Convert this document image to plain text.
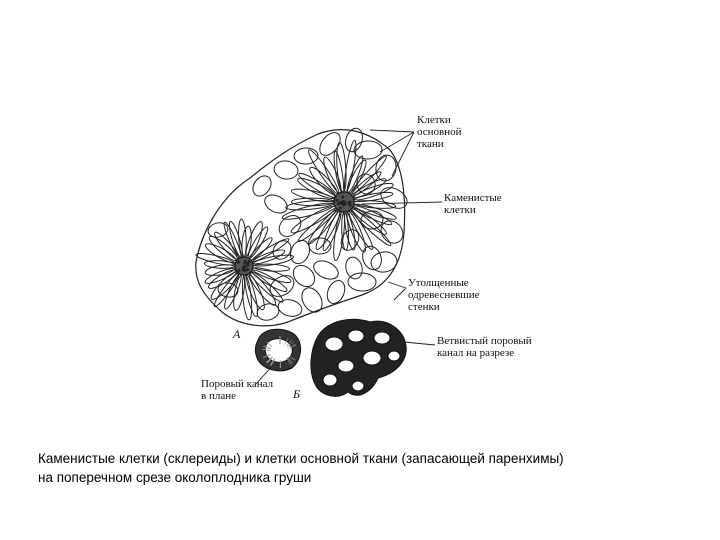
Клетки
основной
ткани
Каменистые
клетки
Утолщенные
одревесневшие
стенки
Ветвистый поровый
канал на разрезе
Поровый канал
в плане
А
Б
Каменистые клетки (склереиды) и клетки основной ткани (запасающей паренхимы)
на поперечном срезе околоплодника груши
